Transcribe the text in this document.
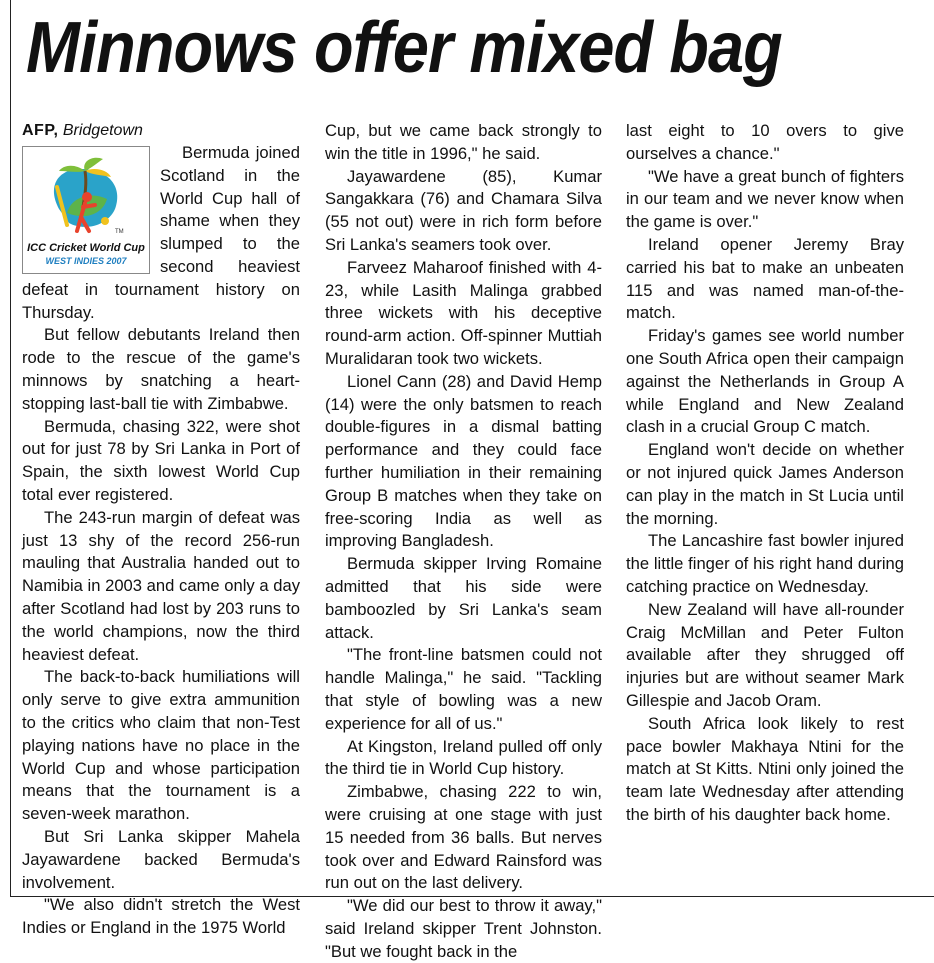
Minnows offer mixed bag

AFP, Bridgetown

TM
ICC Cricket World Cup
WEST INDIES 2007

Bermuda joined Scotland in the World Cup hall of shame when they slumped to the second heaviest defeat in tournament history on Thursday.

But fellow debutants Ireland then rode to the rescue of the game's minnows by snatching a heart-stopping last-ball tie with Zimbabwe.

Bermuda, chasing 322, were shot out for just 78 by Sri Lanka in Port of Spain, the sixth lowest World Cup total ever registered.

The 243-run margin of defeat was just 13 shy of the record 256-run mauling that Australia handed out to Namibia in 2003 and came only a day after Scotland had lost by 203 runs to the world champions, now the third heaviest defeat.

The back-to-back humiliations will only serve to give extra ammunition to the critics who claim that non-Test playing nations have no place in the World Cup and whose participation means that the tournament is a seven-week marathon.

But Sri Lanka skipper Mahela Jayawardene backed Bermuda's involvement.

"We also didn't stretch the West Indies or England in the 1975 World

Cup, but we came back strongly to win the title in 1996," he said.

Jayawardene (85), Kumar Sangakkara (76) and Chamara Silva (55 not out) were in rich form before Sri Lanka's seamers took over.

Farveez Maharoof finished with 4-23, while Lasith Malinga grabbed three wickets with his deceptive round-arm action. Off-spinner Muttiah Muralidaran took two wickets.

Lionel Cann (28) and David Hemp (14) were the only batsmen to reach double-figures in a dismal batting performance and they could face further humiliation in their remaining Group B matches when they take on free-scoring India as well as improving Bangladesh.

Bermuda skipper Irving Romaine admitted that his side were bamboozled by Sri Lanka's seam attack.

"The front-line batsmen could not handle Malinga," he said. "Tackling that style of bowling was a new experience for all of us."

At Kingston, Ireland pulled off only the third tie in World Cup history.

Zimbabwe, chasing 222 to win, were cruising at one stage with just 15 needed from 36 balls. But nerves took over and Edward Rainsford was run out on the last delivery.

"We did our best to throw it away," said Ireland skipper Trent Johnston. "But we fought back in the

last eight to 10 overs to give ourselves a chance."

"We have a great bunch of fighters in our team and we never know when the game is over."

Ireland opener Jeremy Bray carried his bat to make an unbeaten 115 and was named man-of-the-match.

Friday's games see world number one South Africa open their campaign against the Netherlands in Group A while England and New Zealand clash in a crucial Group C match.

England won't decide on whether or not injured quick James Anderson can play in the match in St Lucia until the morning.

The Lancashire fast bowler injured the little finger of his right hand during catching practice on Wednesday.

New Zealand will have all-rounder Craig McMillan and Peter Fulton available after they shrugged off injuries but are without seamer Mark Gillespie and Jacob Oram.

South Africa look likely to rest pace bowler Makhaya Ntini for the match at St Kitts. Ntini only joined the team late Wednesday after attending the birth of his daughter back home.
